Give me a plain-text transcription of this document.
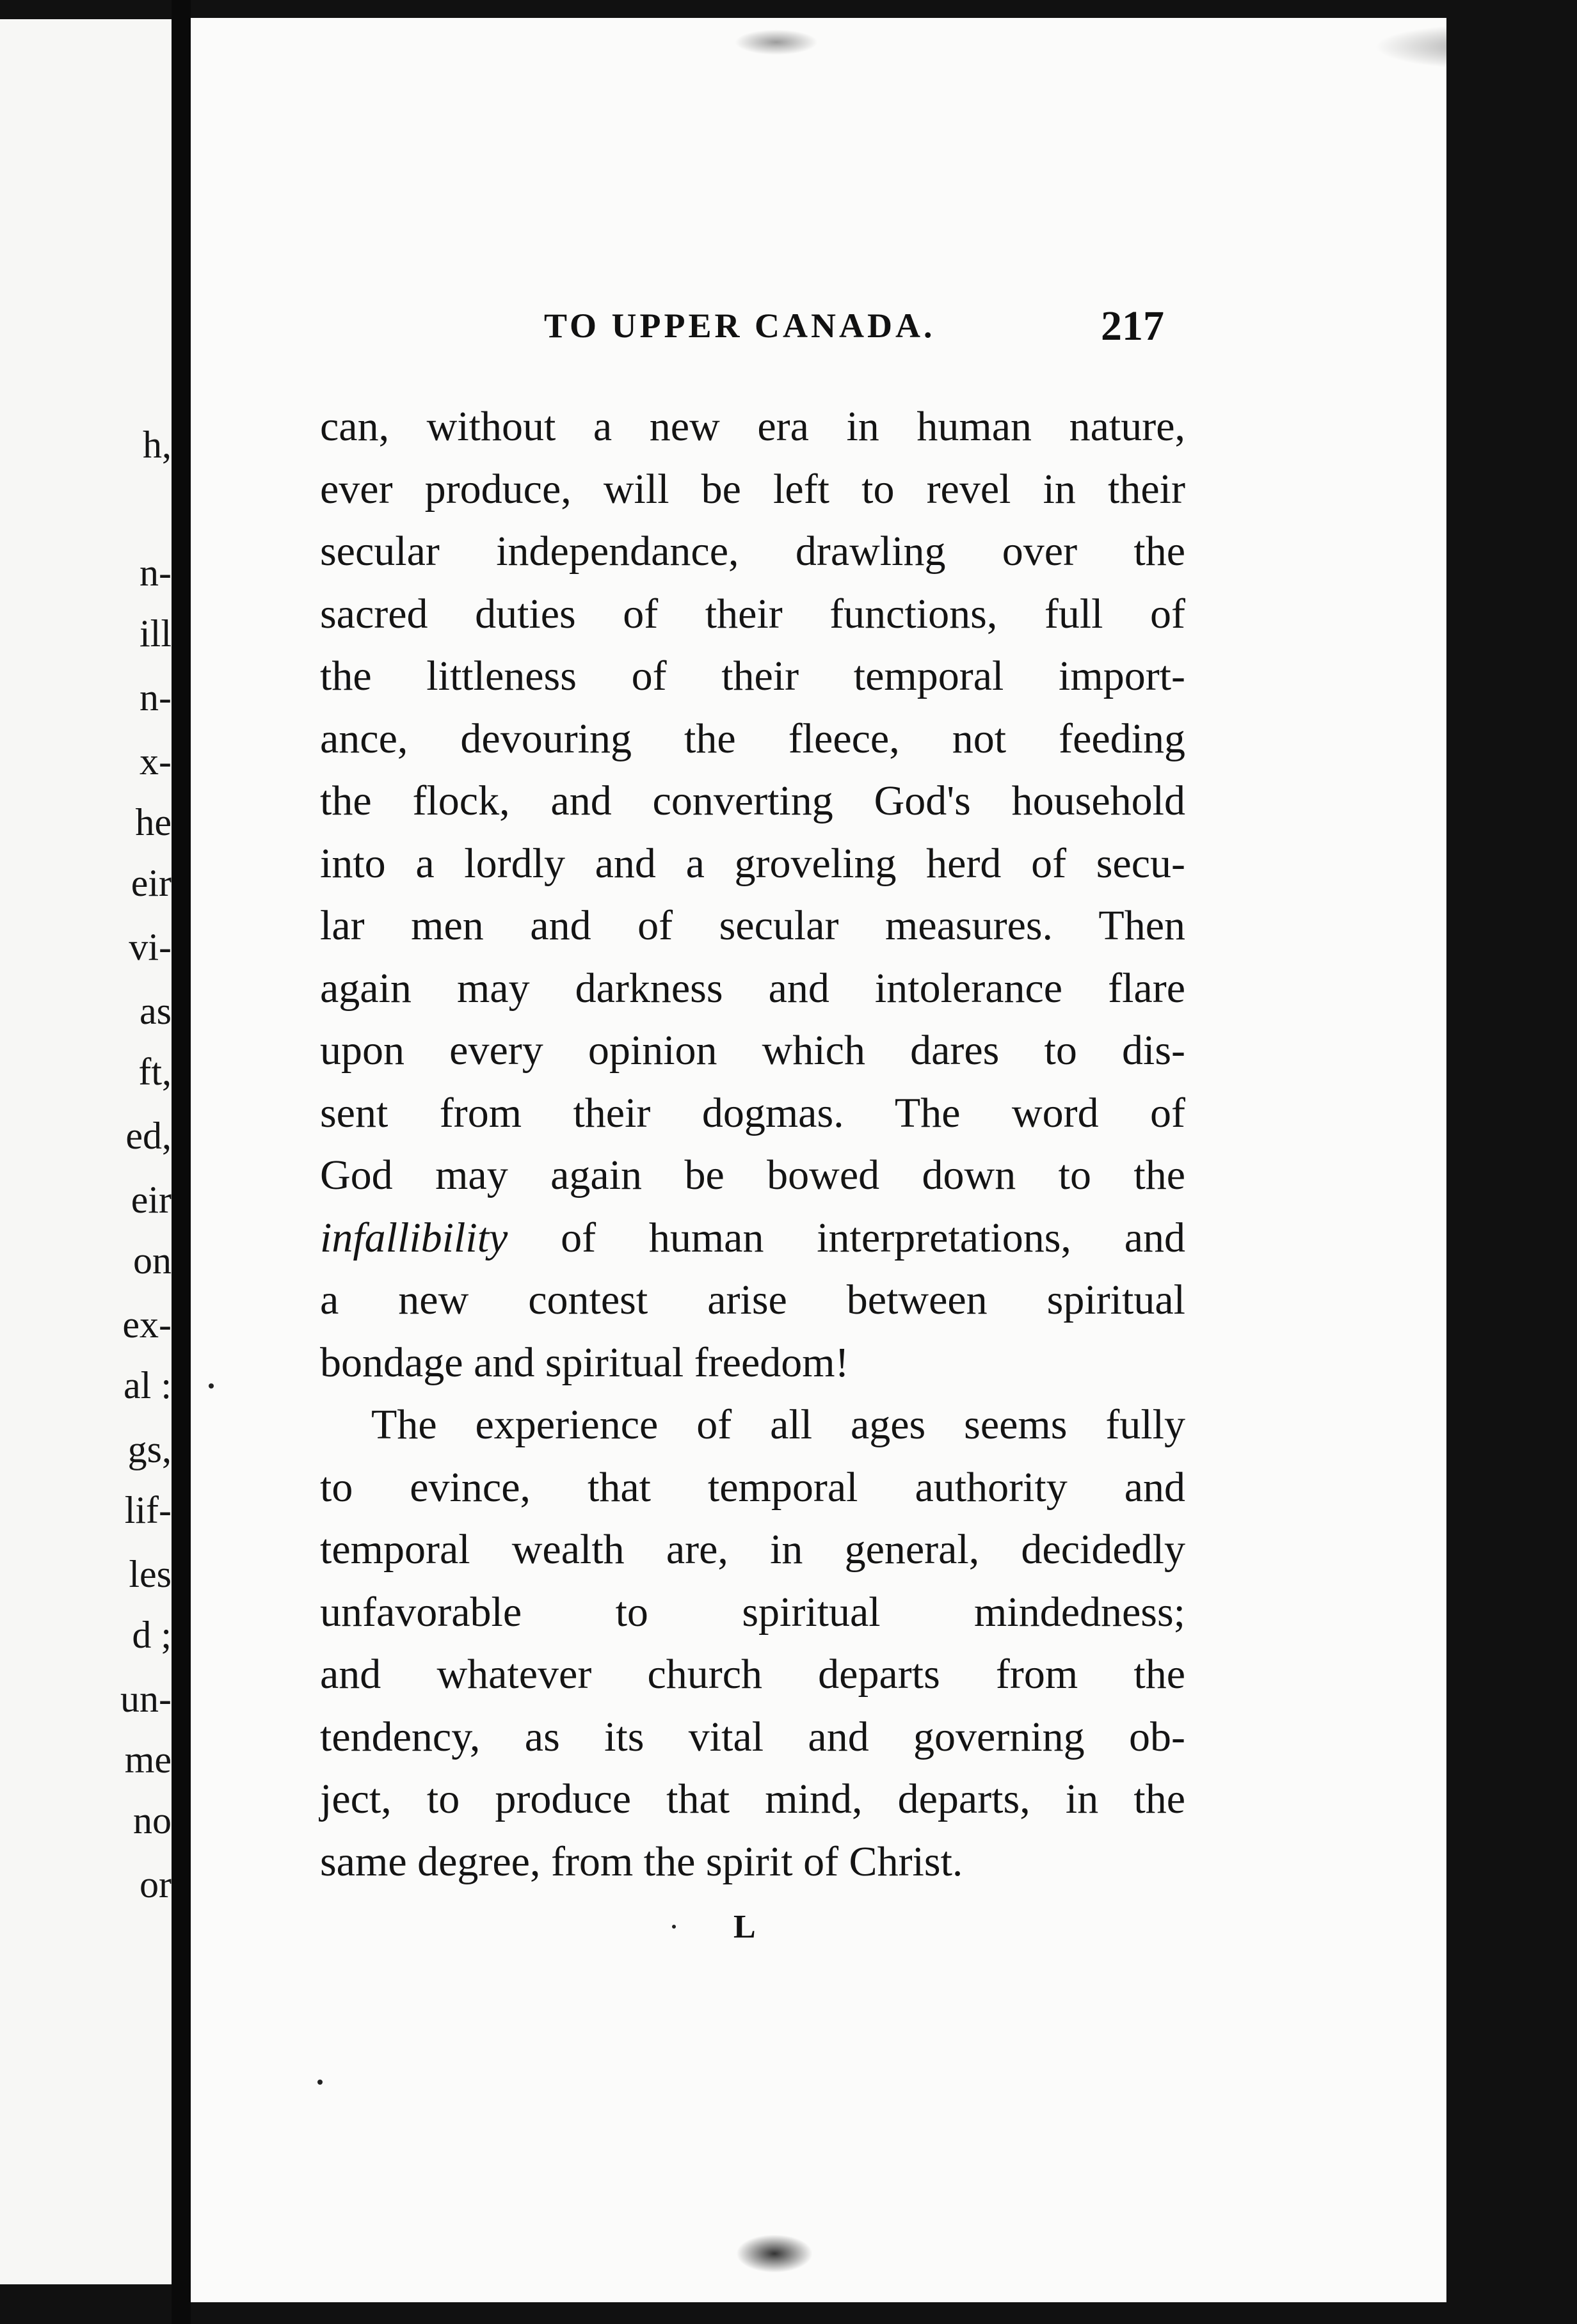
h,
n-
ill
n-
x-
he
eir
vi-
as
ft,
ed,
eir
on
ex-
al :
gs,
lif-
les
d ;
un-
me
no
or
TO UPPER CANADA.	217
can, without a new era in human nature,
ever produce, will be left to revel in their
secular independance, drawling over the
sacred duties of their functions, full of
the littleness of their temporal import-
ance, devouring the fleece, not feeding
the flock, and converting God's household
into a lordly and a groveling herd of secu-
lar men and of secular measures. Then
again may darkness and intolerance flare
upon every opinion which dares to dis-
sent from their dogmas. The word of
God may again be bowed down to the
infallibility of human interpretations, and
a new contest arise between spiritual
bondage and spiritual freedom!
The experience of all ages seems fully
to evince, that temporal authority and
temporal wealth are, in general, decidedly
unfavorable to spiritual mindedness;
and whatever church departs from the
tendency, as its vital and governing ob-
ject, to produce that mind, departs, in the
same degree, from the spirit of Christ.
L
